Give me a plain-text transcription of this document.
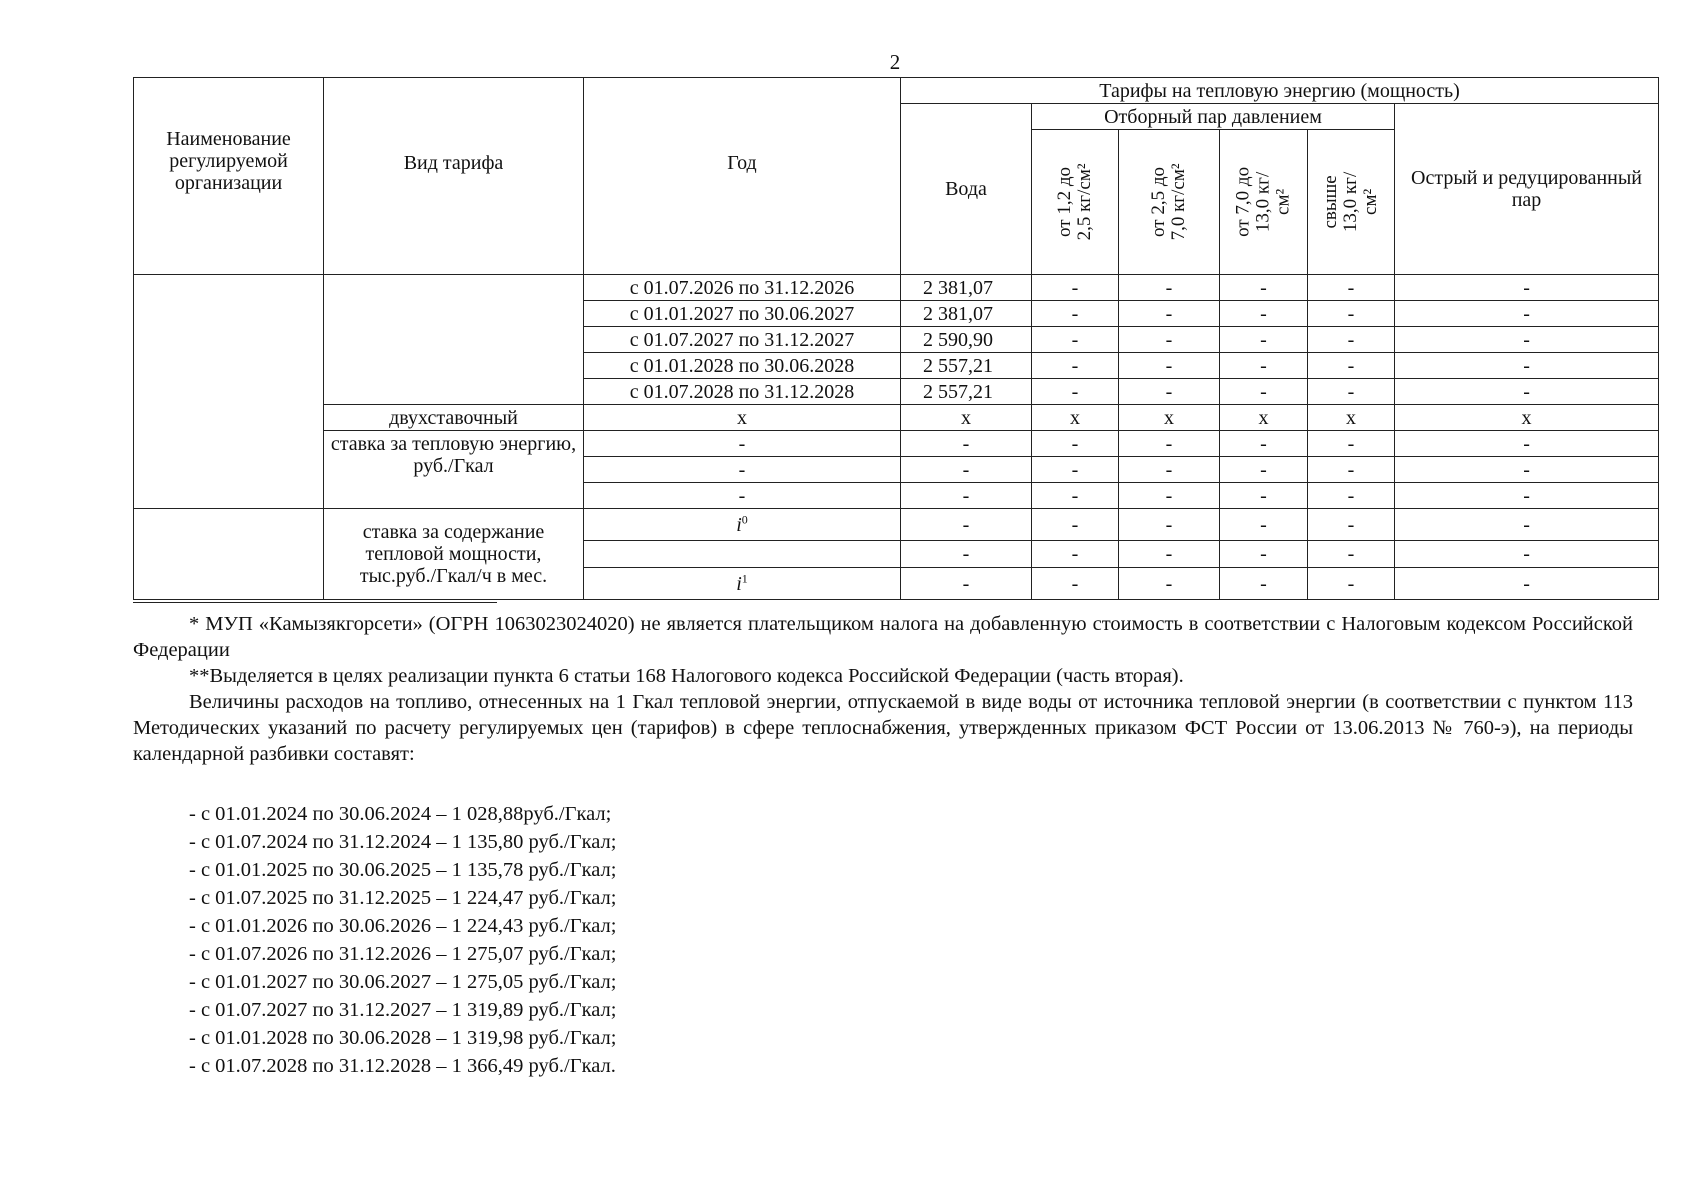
2
Наименование регулируемой организации	Вид тарифа	Год	Тарифы на тепловую энергию (мощность)					
			Вода	Отборный пар давлением				Острый и редуцированный пар

				от 1,2 до 2,5 кг/см²	от 2,5 до 7,0 кг/см²	от 7,0 до 13,0 кг/см²	свыше 13,0 кг/см²	

		с 01.07.2026 по 31.12.2026	2 381,07	-	-	-	-	-
		с 01.01.2027 по 30.06.2027	2 381,07	-	-	-	-	-
		с 01.07.2027 по 31.12.2027	2 590,90	-	-	-	-	-
		с 01.01.2028 по 30.06.2028	2 557,21	-	-	-	-	-
		с 01.07.2028 по 31.12.2028	2 557,21	-	-	-	-	-
	двухставочный	х	х	х	х	х	х	х
	ставка за тепловую энергию, руб./Гкал	-	-	-	-	-	-	-
		-	-	-	-	-	-	-
		-	-	-	-	-	-	-
	ставка за содержание тепловой мощности, тыс.руб./Гкал/ч в мес.	$i^0$	-	-	-	-	-	-
			-	-	-	-	-	-
		$i^1$	-	-	-	-	-	-

* МУП «Камызякгорсети» (ОГРН 1063023024020) не является плательщиком налога на добавленную стоимость в соответствии с Налоговым кодексом Российской Федерации

**Выделяется в целях реализации пункта 6 статьи 168 Налогового кодекса Российской Федерации (часть вторая).

Величины расходов на топливо, отнесенных на 1 Гкал тепловой энергии, отпускаемой в виде воды от источника тепловой энергии (в соответствии с пунктом 113 Методических указаний по расчету регулируемых цен (тарифов) в сфере теплоснабжения, утвержденных приказом ФСТ России от 13.06.2013 № 760-э), на периоды календарной разбивки составят:

- с 01.01.2024 по 30.06.2024 – 1 028,88руб./Гкал;
- с 01.07.2024 по 31.12.2024 – 1 135,80 руб./Гкал;
- с 01.01.2025 по 30.06.2025 – 1 135,78 руб./Гкал;
- с 01.07.2025 по 31.12.2025 – 1 224,47 руб./Гкал;
- с 01.01.2026 по 30.06.2026 – 1 224,43 руб./Гкал;
- с 01.07.2026 по 31.12.2026 – 1 275,07 руб./Гкал;
- с 01.01.2027 по 30.06.2027 – 1 275,05 руб./Гкал;
- с 01.07.2027 по 31.12.2027 – 1 319,89 руб./Гкал;
- с 01.01.2028 по 30.06.2028 – 1 319,98 руб./Гкал;
- с 01.07.2028 по 31.12.2028 – 1 366,49 руб./Гкал.
